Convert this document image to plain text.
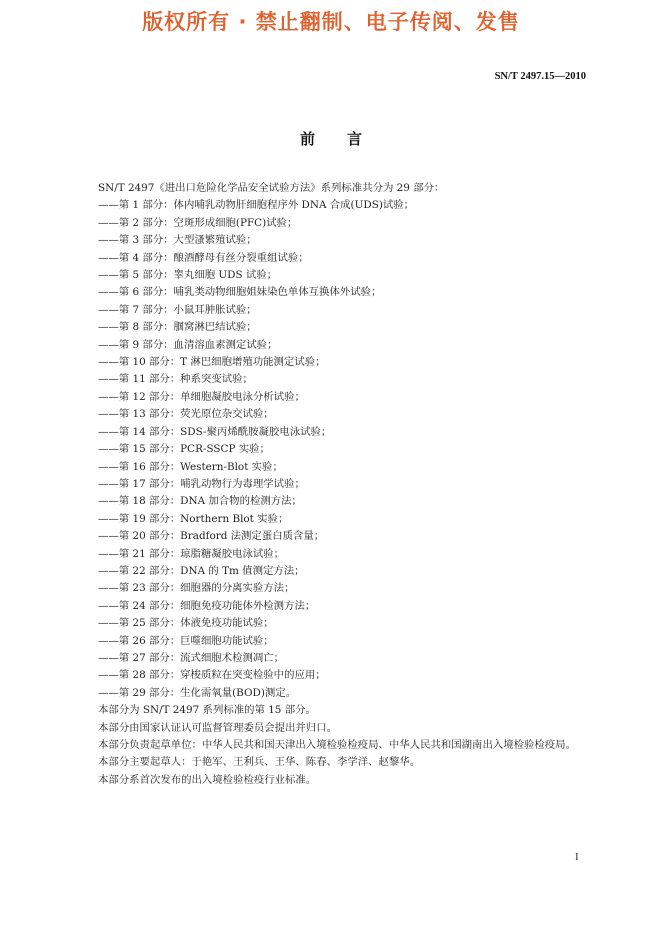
版权所有 · 禁止翻制、电子传阅、发售
SN/T 2497.15—2010
前言

SN/T 2497《进出口危险化学品安全试验方法》系列标准共分为 29 部分：

——第 1 部分：体内哺乳动物肝细胞程序外 DNA 合成(UDS)试验；
——第 2 部分：空斑形成细胞(PFC)试验；
——第 3 部分：大型溞繁殖试验；
——第 4 部分：酿酒酵母有丝分裂重组试验；
——第 5 部分：睾丸细胞 UDS 试验；
——第 6 部分：哺乳类动物细胞姐妹染色单体互换体外试验；
——第 7 部分：小鼠耳肿胀试验；
——第 8 部分：腘窝淋巴结试验；
——第 9 部分：血清溶血素测定试验；
——第 10 部分：T 淋巴细胞增殖功能测定试验；
——第 11 部分：种系突变试验；
——第 12 部分：单细胞凝胶电泳分析试验；
——第 13 部分：荧光原位杂交试验；
——第 14 部分：SDS-聚丙烯酰胺凝胶电泳试验；
——第 15 部分：PCR-SSCP 实验；
——第 16 部分：Western-Blot 实验；
——第 17 部分：哺乳动物行为毒理学试验；
——第 18 部分：DNA 加合物的检测方法；
——第 19 部分：Northern Blot 实验；
——第 20 部分：Bradford 法测定蛋白质含量；
——第 21 部分：琼脂糖凝胶电泳试验；
——第 22 部分：DNA 的 Tm 值测定方法；
——第 23 部分：细胞器的分离实验方法；
——第 24 部分：细胞免疫功能体外检测方法；
——第 25 部分：体液免疫功能试验；
——第 26 部分：巨噬细胞功能试验；
——第 27 部分：流式细胞术检测凋亡；
——第 28 部分：穿梭质粒在突变检验中的应用；
——第 29 部分：生化需氧量(BOD)测定。

本部分为 SN/T 2497 系列标准的第 15 部分。

本部分由国家认证认可监督管理委员会提出并归口。

本部分负责起草单位：中华人民共和国天津出入境检验检疫局、中华人民共和国湖南出入境检验检疫局。

本部分主要起草人：于艳军、王利兵、王华、陈春、李学洋、赵黎华。

本部分系首次发布的出入境检验检疫行业标准。

I
